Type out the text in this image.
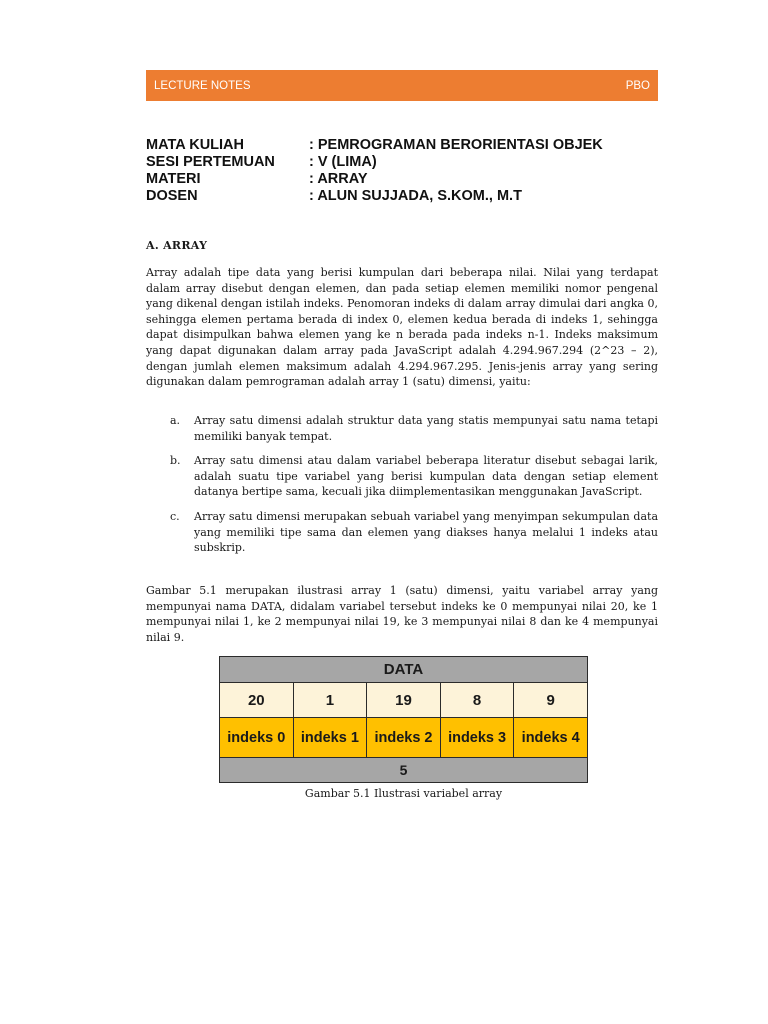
LECTURE NOTES	PBO
MATA KULIAH	: PEMROGRAMAN BERORIENTASI OBJEK
SESI PERTEMUAN	: V (LIMA)
MATERI	: ARRAY
DOSEN	: ALUN SUJJADA, S.KOM., M.T
A. ARRAY

Array adalah tipe data yang berisi kumpulan dari beberapa nilai. Nilai yang terdapat dalam array disebut dengan elemen, dan pada setiap elemen memiliki nomor pengenal yang dikenal dengan istilah indeks. Penomoran indeks di dalam array dimulai dari angka 0, sehingga elemen pertama berada di index 0, elemen kedua berada di indeks 1, sehingga dapat disimpulkan bahwa elemen yang ke n berada pada indeks n-1. Indeks maksimum yang dapat digunakan dalam array pada JavaScript adalah 4.294.967.294 (2^23 – 2), dengan jumlah elemen maksimum adalah 4.294.967.295. Jenis-jenis array yang sering digunakan dalam pemrograman adalah array 1 (satu) dimensi, yaitu:

a.	Array satu dimensi adalah struktur data yang statis mempunyai satu nama tetapi memiliki banyak tempat.
b.	Array satu dimensi atau dalam variabel beberapa literatur disebut sebagai larik, adalah suatu tipe variabel yang berisi kumpulan data dengan setiap element datanya bertipe sama, kecuali jika diimplementasikan menggunakan JavaScript.
c.	Array satu dimensi merupakan sebuah variabel yang menyimpan sekumpulan data yang memiliki tipe sama dan elemen yang diakses hanya melalui 1 indeks atau subskrip.

Gambar 5.1 merupakan ilustrasi array 1 (satu) dimensi, yaitu variabel array yang mempunyai nama DATA, didalam variabel tersebut indeks ke 0 mempunyai nilai 20, ke 1 mempunyai nilai 1, ke 2 mempunyai nilai 19, ke 3 mempunyai nilai 8 dan ke 4 mempunyai nilai 9.

DATA				
20	1	19	8	9
indeks 0	indeks 1	indeks 2	indeks 3	indeks 4
5				
Gambar 5.1 Ilustrasi variabel array
